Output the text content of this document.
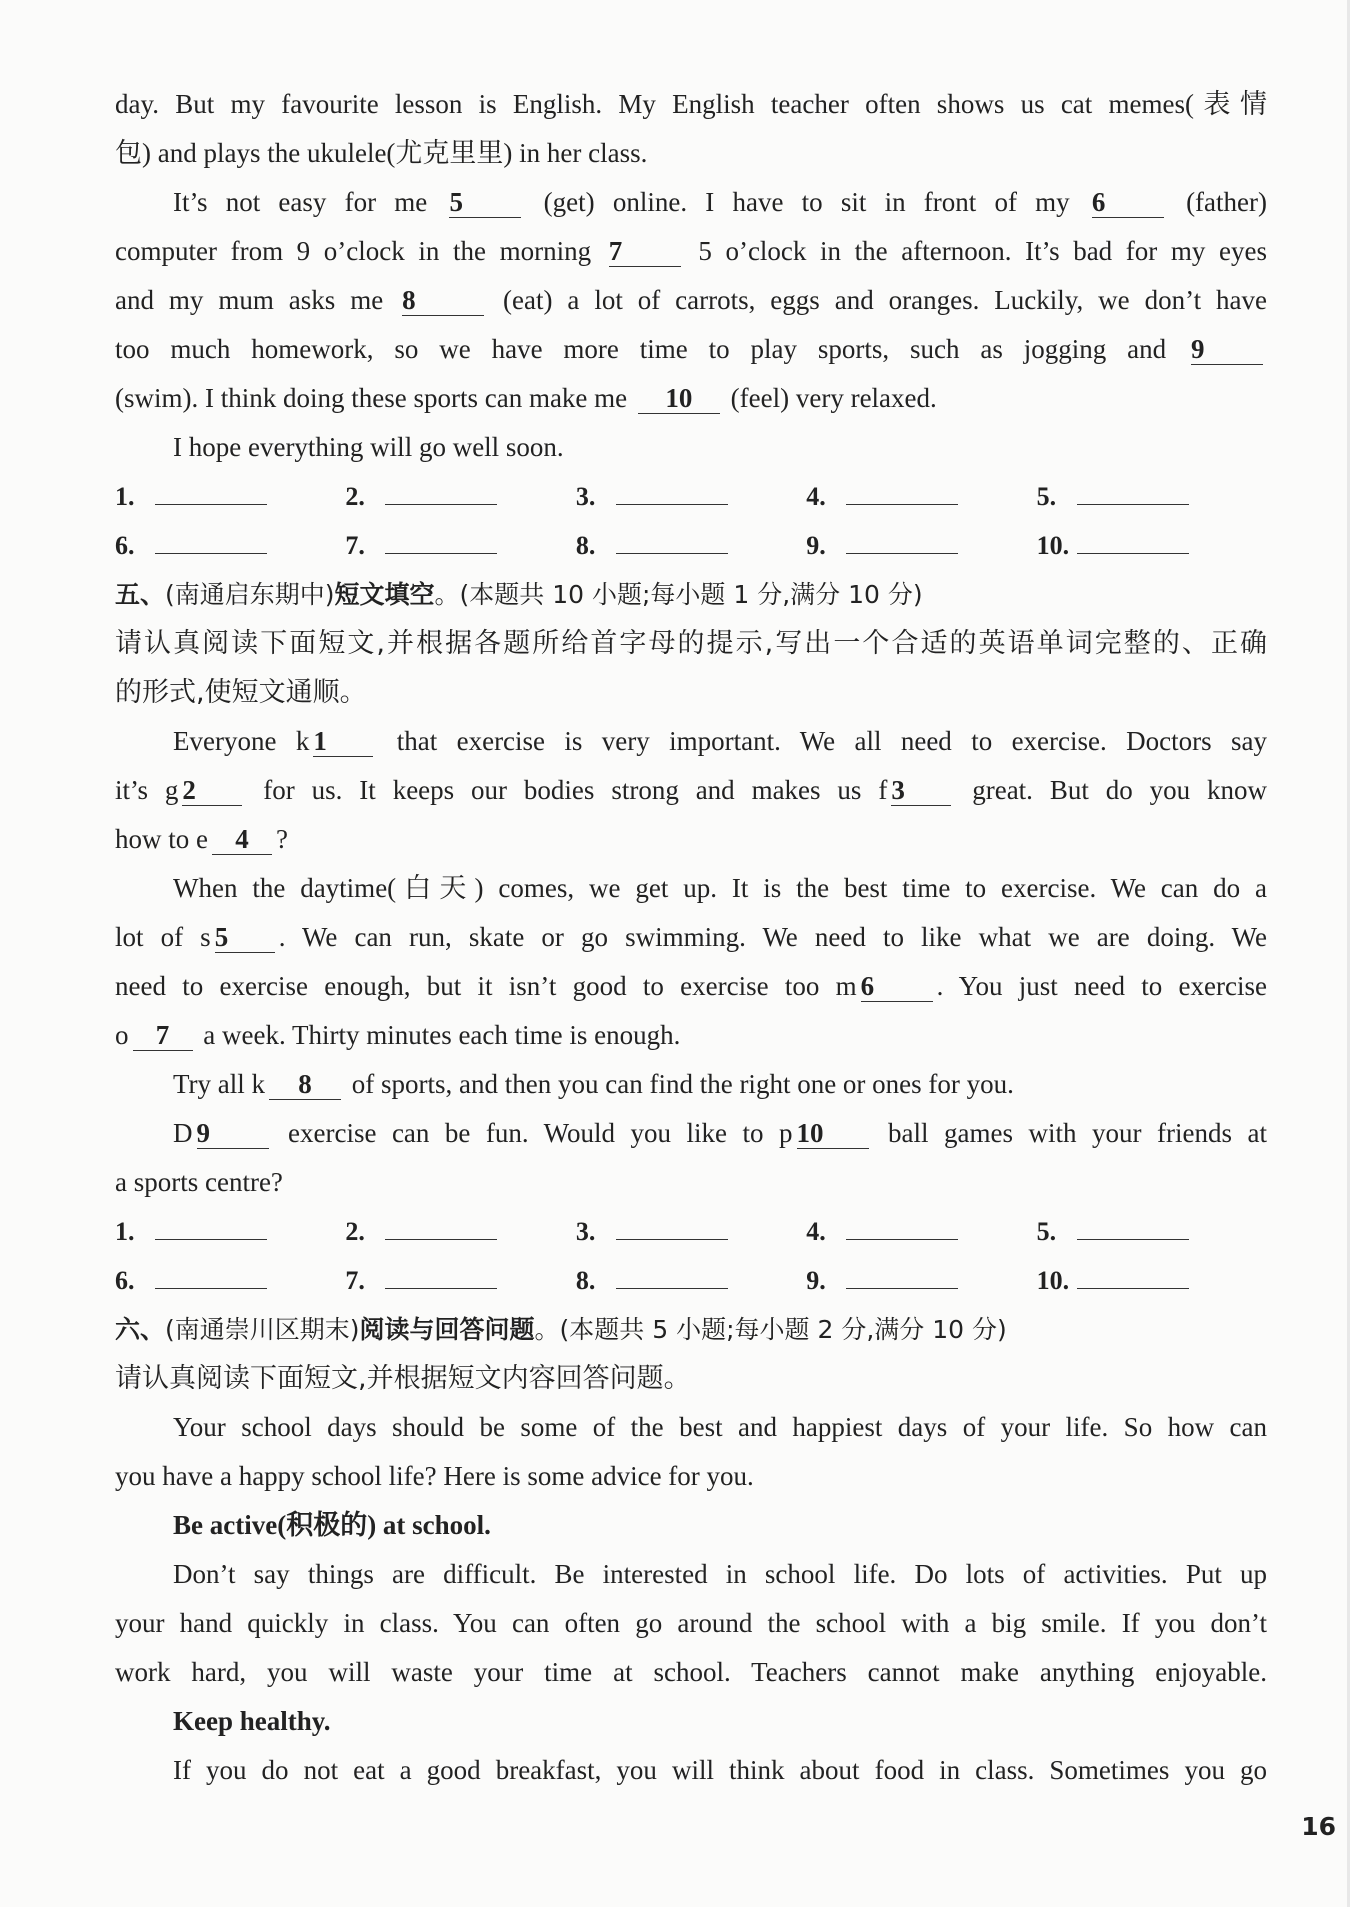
day. But my favourite lesson is English. My English teacher often shows us cat memes(表情
包) and plays the ukulele(尤克里里) in her class.
It’s not easy for me 5 (get) online. I have to sit in front of my 6 (father)
computer from 9 o’clock in the morning 7 5 o’clock in the afternoon. It’s bad for my eyes
and my mum asks me 8	(eat) a lot of carrots, eggs and oranges. Luckily, we don’t have
too much homework, so we have more time to play sports, such as jogging and 9
(swim). I think doing these sports can make me 10 (feel) very relaxed.
I hope everything will go well soon.
1.	2.	3.	4.	5.
6.	7.	8.	9.	10.
五、(南通启东期中)短文填空。(本题共 10 小题;每小题 1 分,满分 10 分)
请认真阅读下面短文,并根据各题所给首字母的提示,写出一个合适的英语单词完整的、正确
的形式,使短文通顺。
Everyone k 1 that exercise is very important. We all need to exercise. Doctors say
it’s g 2 for us. It keeps our bodies strong and makes us f 3 great. But do you know
how to e 4 ?
When the daytime(白天) comes, we get up. It is the best time to exercise. We can do a
lot of s 5 . We can run, skate or go swimming. We need to like what we are doing. We
need to exercise enough, but it isn’t good to exercise too m 6 . You just need to exercise
o 7 a week. Thirty minutes each time is enough.
Try all k 8 of sports, and then you can find the right one or ones for you.
D 9 exercise can be fun. Would you like to p 10 ball games with your friends at
a sports centre?
1.	2.	3.	4.	5.
6.	7.	8.	9.	10.
六、(南通崇川区期末)阅读与回答问题。(本题共 5 小题;每小题 2 分,满分 10 分)
请认真阅读下面短文,并根据短文内容回答问题。
Your school days should be some of the best and happiest days of your life. So how can
you have a happy school life? Here is some advice for you.
Be active(积极的) at school.
Don’t say things are difficult. Be interested in school life. Do lots of activities. Put up
your hand quickly in class. You can often go around the school with a big smile. If you don’t
work hard, you will waste your time at school. Teachers cannot make anything enjoyable.
Keep healthy.
If you do not eat a good breakfast, you will think about food in class. Sometimes you go
16
